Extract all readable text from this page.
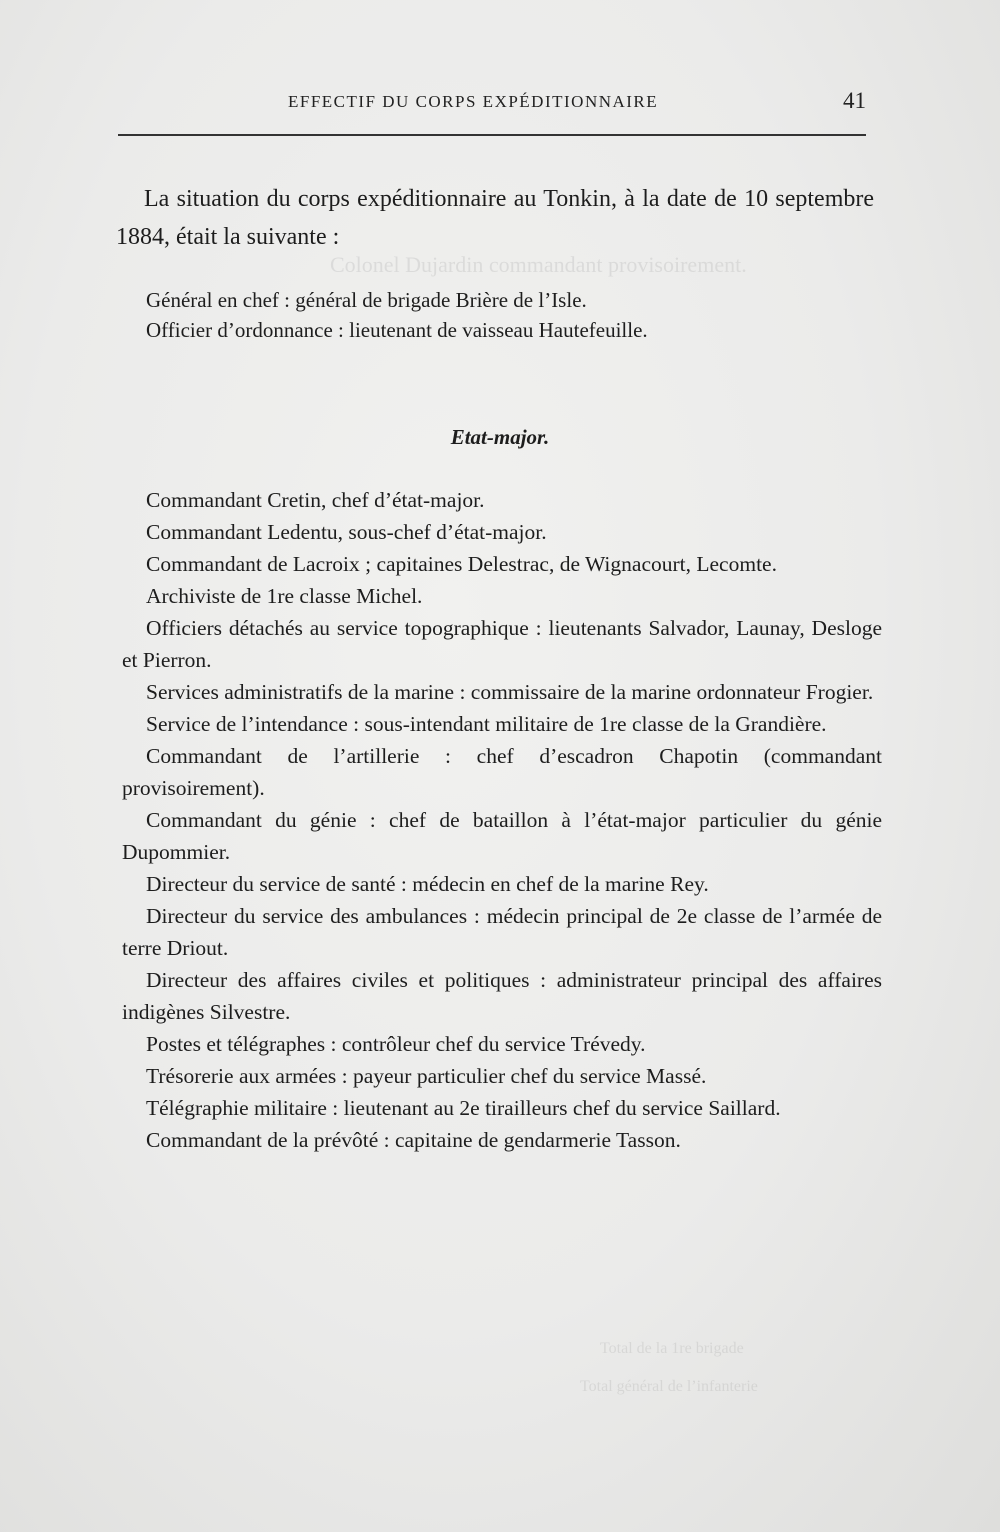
Colonel Dujardin commandant provisoirement.
Total de la 1re brigade
Total général de l’infanterie
EFFECTIF DU CORPS EXPÉDITIONNAIRE	41

La situation du corps expéditionnaire au Tonkin, à la date de 10 septembre 1884, était la suivante :

Général en chef : général de brigade Brière de l’Isle.

Officier d’ordonnance : lieutenant de vaisseau Hautefeuille.

Etat-major.

Commandant Cretin, chef d’état-major.

Commandant Ledentu, sous-chef d’état-major.

Commandant de Lacroix ; capitaines Delestrac, de Wignacourt, Lecomte.

Archiviste de 1re classe Michel.

Officiers détachés au service topographique : lieutenants Salvador, Launay, Desloge et Pierron.

Services administratifs de la marine : commissaire de la marine ordonnateur Frogier.

Service de l’intendance : sous-intendant militaire de 1re classe de la Grandière.

Commandant de l’artillerie : chef d’escadron Chapotin (commandant provisoirement).

Commandant du génie : chef de bataillon à l’état-major particulier du génie Dupommier.

Directeur du service de santé : médecin en chef de la marine Rey.

Directeur du service des ambulances : médecin principal de 2e classe de l’armée de terre Driout.

Directeur des affaires civiles et politiques : administrateur principal des affaires indigènes Silvestre.

Postes et télégraphes : contrôleur chef du service Trévedy.

Trésorerie aux armées : payeur particulier chef du service Massé.

Télégraphie militaire : lieutenant au 2e tirailleurs chef du service Saillard.

Commandant de la prévôté : capitaine de gendarmerie Tasson.
